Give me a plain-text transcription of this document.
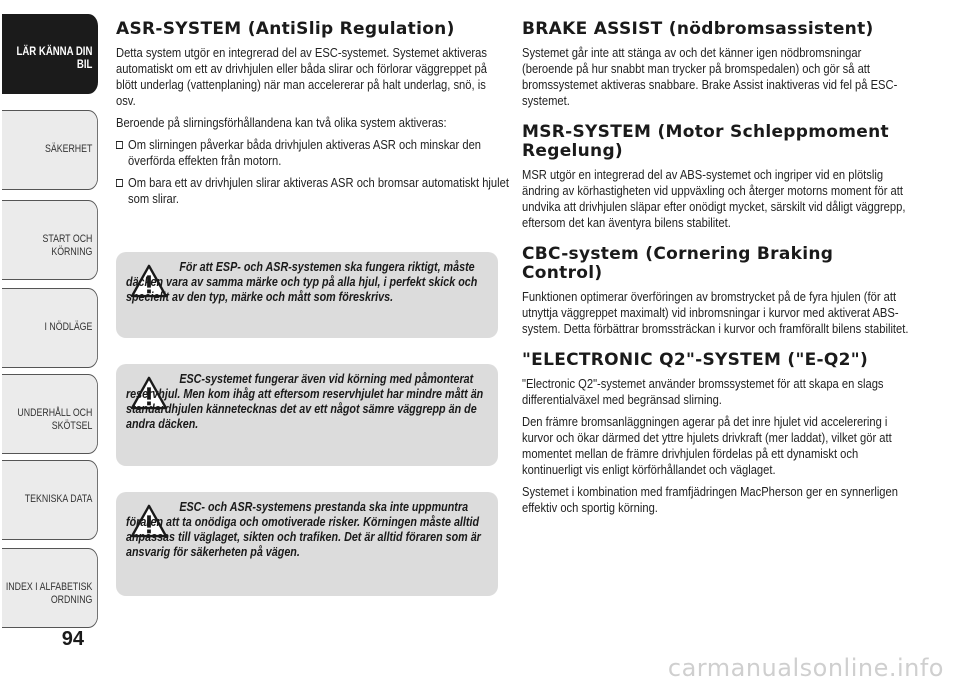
LÄR KÄNNA DIN BIL
SÄKERHET
START OCH KÖRNING
I NÖDLÄGE
UNDERHÅLL OCH SKÖTSEL
TEKNISKA DATA
INDEX I ALFABETISK ORDNING
94
ASR-SYSTEM (AntiSlip Regulation)

Detta system utgör en integrerad del av ESC-systemet. Systemet aktiveras automatiskt om ett av drivhjulen eller båda slirar och förlorar väggreppet på blött underlag (vattenplaning) när man accelererar på halt underlag, snö, is osv.

Beroende på slirningsförhållandena kan två olika system aktiveras:

Om slirningen påverkar båda drivhjulen aktiveras ASR och minskar den överförda effekten från motorn.
Om bara ett av drivhjulen slirar aktiveras ASR och bromsar automatiskt hjulet som slirar.
För att ESP- och ASR-systemen ska fungera riktigt, måste däcken vara av samma märke och typ på alla hjul, i perfekt skick och speciellt av den typ, märke och mått som föreskrivs.
ESC-systemet fungerar även vid körning med påmonterat reservhjul. Men kom ihåg att eftersom reservhjulet har mindre mått än standardhjulen kännetecknas det av ett något sämre väggrepp än de andra däcken.
ESC- och ASR-systemens prestanda ska inte uppmuntra föraren att ta onödiga och omotiverade risker. Körningen måste alltid anpassas till väglaget, sikten och trafiken. Det är alltid föraren som är ansvarig för säkerheten på vägen.
BRAKE ASSIST (nödbromsassistent)

Systemet går inte att stänga av och det känner igen nödbromsningar (beroende på hur snabbt man trycker på bromspedalen) och gör så att bromssystemet aktiveras snabbare. Brake Assist inaktiveras vid fel på ESC-systemet.

MSR-SYSTEM (Motor Schleppmoment Regelung)

MSR utgör en integrerad del av ABS-systemet och ingriper vid en plötslig ändring av körhastigheten vid uppväxling och återger motorns moment för att undvika att drivhjulen släpar efter onödigt mycket, särskilt vid dåligt väggrepp, eftersom det kan äventyra bilens stabilitet.

CBC-system (Cornering Braking Control)

Funktionen optimerar överföringen av bromstrycket på de fyra hjulen (för att utnyttja väggreppet maximalt) vid inbromsningar i kurvor med aktiverat ABS-system. Detta förbättrar bromssträckan i kurvor och framförallt bilens stabilitet.

"ELECTRONIC Q2"-SYSTEM ("E-Q2")

"Electronic Q2"-systemet använder bromssystemet för att skapa en slags differentialväxel med begränsad slirning.

Den främre bromsanläggningen agerar på det inre hjulet vid accelerering i kurvor och ökar därmed det yttre hjulets drivkraft (mer laddat), vilket gör att momentet mellan de främre drivhjulen fördelas på ett dynamiskt och kontinuerligt vis enligt körförhållandet och väglaget.

Systemet i kombination med framfjädringen MacPherson ger en synnerligen effektiv och sportig körning.

carmanualsonline.info
